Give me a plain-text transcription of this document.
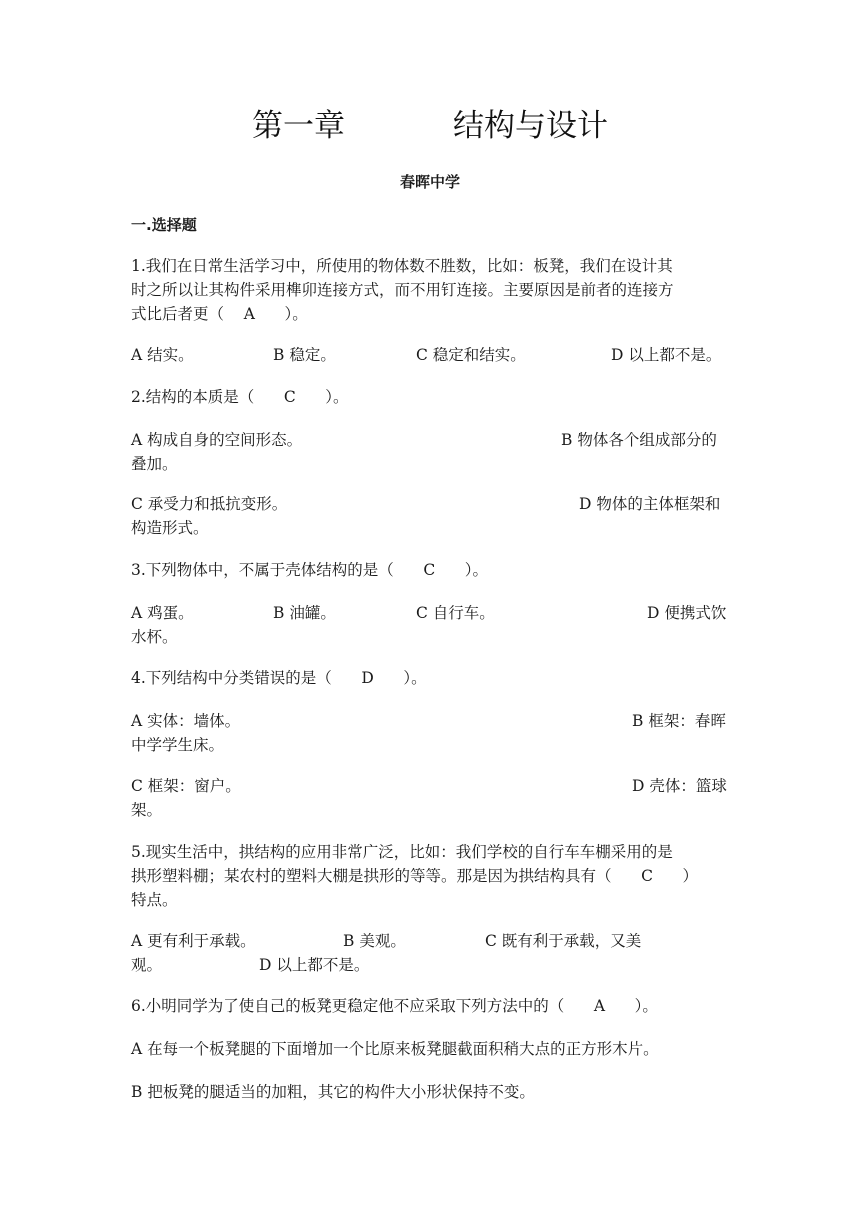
第一章	结构与设计
春晖中学
一.选择题
1.我们在日常生活学习中，所使用的物体数不胜数，比如：板凳，我们在设计其
时之所以让其构件采用榫卯连接方式，而不用钉连接。主要原因是前者的连接方
式比后者更（    A      ）。
A 结实。	B 稳定。	C 稳定和结实。	D 以上都不是。
2.结构的本质是（      C      ）。
A 构成自身的空间形态。	B 物体各个组成部分的
叠加。
C 承受力和抵抗变形。	D 物体的主体框架和
构造形式。
3.下列物体中，不属于壳体结构的是（      C      ）。
A 鸡蛋。	B 油罐。	C 自行车。	D 便携式饮
水杯。
4.下列结构中分类错误的是（      D      ）。
A 实体：墙体。	B 框架：春晖
中学学生床。
C 框架：窗户。	D 壳体：篮球
架。
5.现实生活中，拱结构的应用非常广泛，比如：我们学校的自行车车棚采用的是
拱形塑料棚；某农村的塑料大棚是拱形的等等。那是因为拱结构具有（      C      ）
特点。
A 更有利于承载。	B 美观。	C 既有利于承载，又美
观。	D 以上都不是。
6.小明同学为了使自己的板凳更稳定他不应采取下列方法中的（      A      ）。
A 在每一个板凳腿的下面增加一个比原来板凳腿截面积稍大点的正方形木片。
B 把板凳的腿适当的加粗，其它的构件大小形状保持不变。
